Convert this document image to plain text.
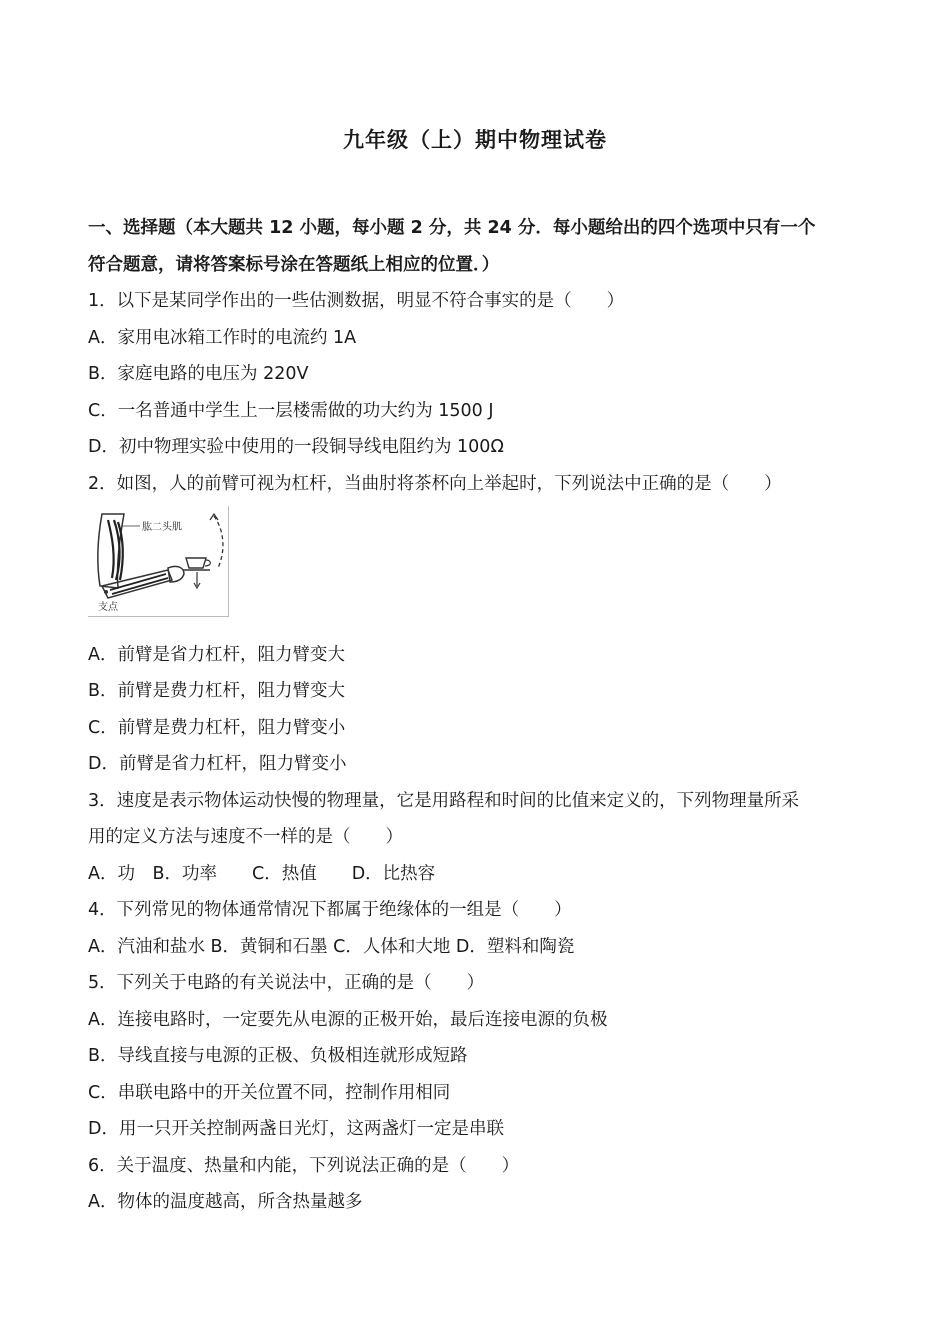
九年级（上）期中物理试卷
一、选择题（本大题共 12 小题，每小题 2 分，共 24 分．每小题给出的四个选项中只有一个
符合题意，请将答案标号涂在答题纸上相应的位置．）
1．以下是某同学作出的一些估测数据，明显不符合事实的是（　　）
A．家用电冰箱工作时的电流约 1A
B．家庭电路的电压为 220V
C．一名普通中学生上一层楼需做的功大约为 1500 J
D．初中物理实验中使用的一段铜导线电阻约为 100Ω
2．如图，人的前臂可视为杠杆，当曲肘将茶杯向上举起时，下列说法中正确的是（　　）
肱二头肌
支点
A．前臂是省力杠杆，阻力臂变大
B．前臂是费力杠杆，阻力臂变大
C．前臂是费力杠杆，阻力臂变小
D．前臂是省力杠杆，阻力臂变小
3．速度是表示物体运动快慢的物理量，它是用路程和时间的比值来定义的，下列物理量所采
用的定义方法与速度不一样的是（　　）
A．功　B．功率　　C．热值　　D．比热容
4．下列常见的物体通常情况下都属于绝缘体的一组是（　　）
A．汽油和盐水 B．黄铜和石墨 C．人体和大地 D．塑料和陶瓷
5．下列关于电路的有关说法中，正确的是（　　）
A．连接电路时，一定要先从电源的正极开始，最后连接电源的负极
B．导线直接与电源的正极、负极相连就形成短路
C．串联电路中的开关位置不同，控制作用相同
D．用一只开关控制两盏日光灯，这两盏灯一定是串联
6．关于温度、热量和内能，下列说法正确的是（　　）
A．物体的温度越高，所含热量越多
